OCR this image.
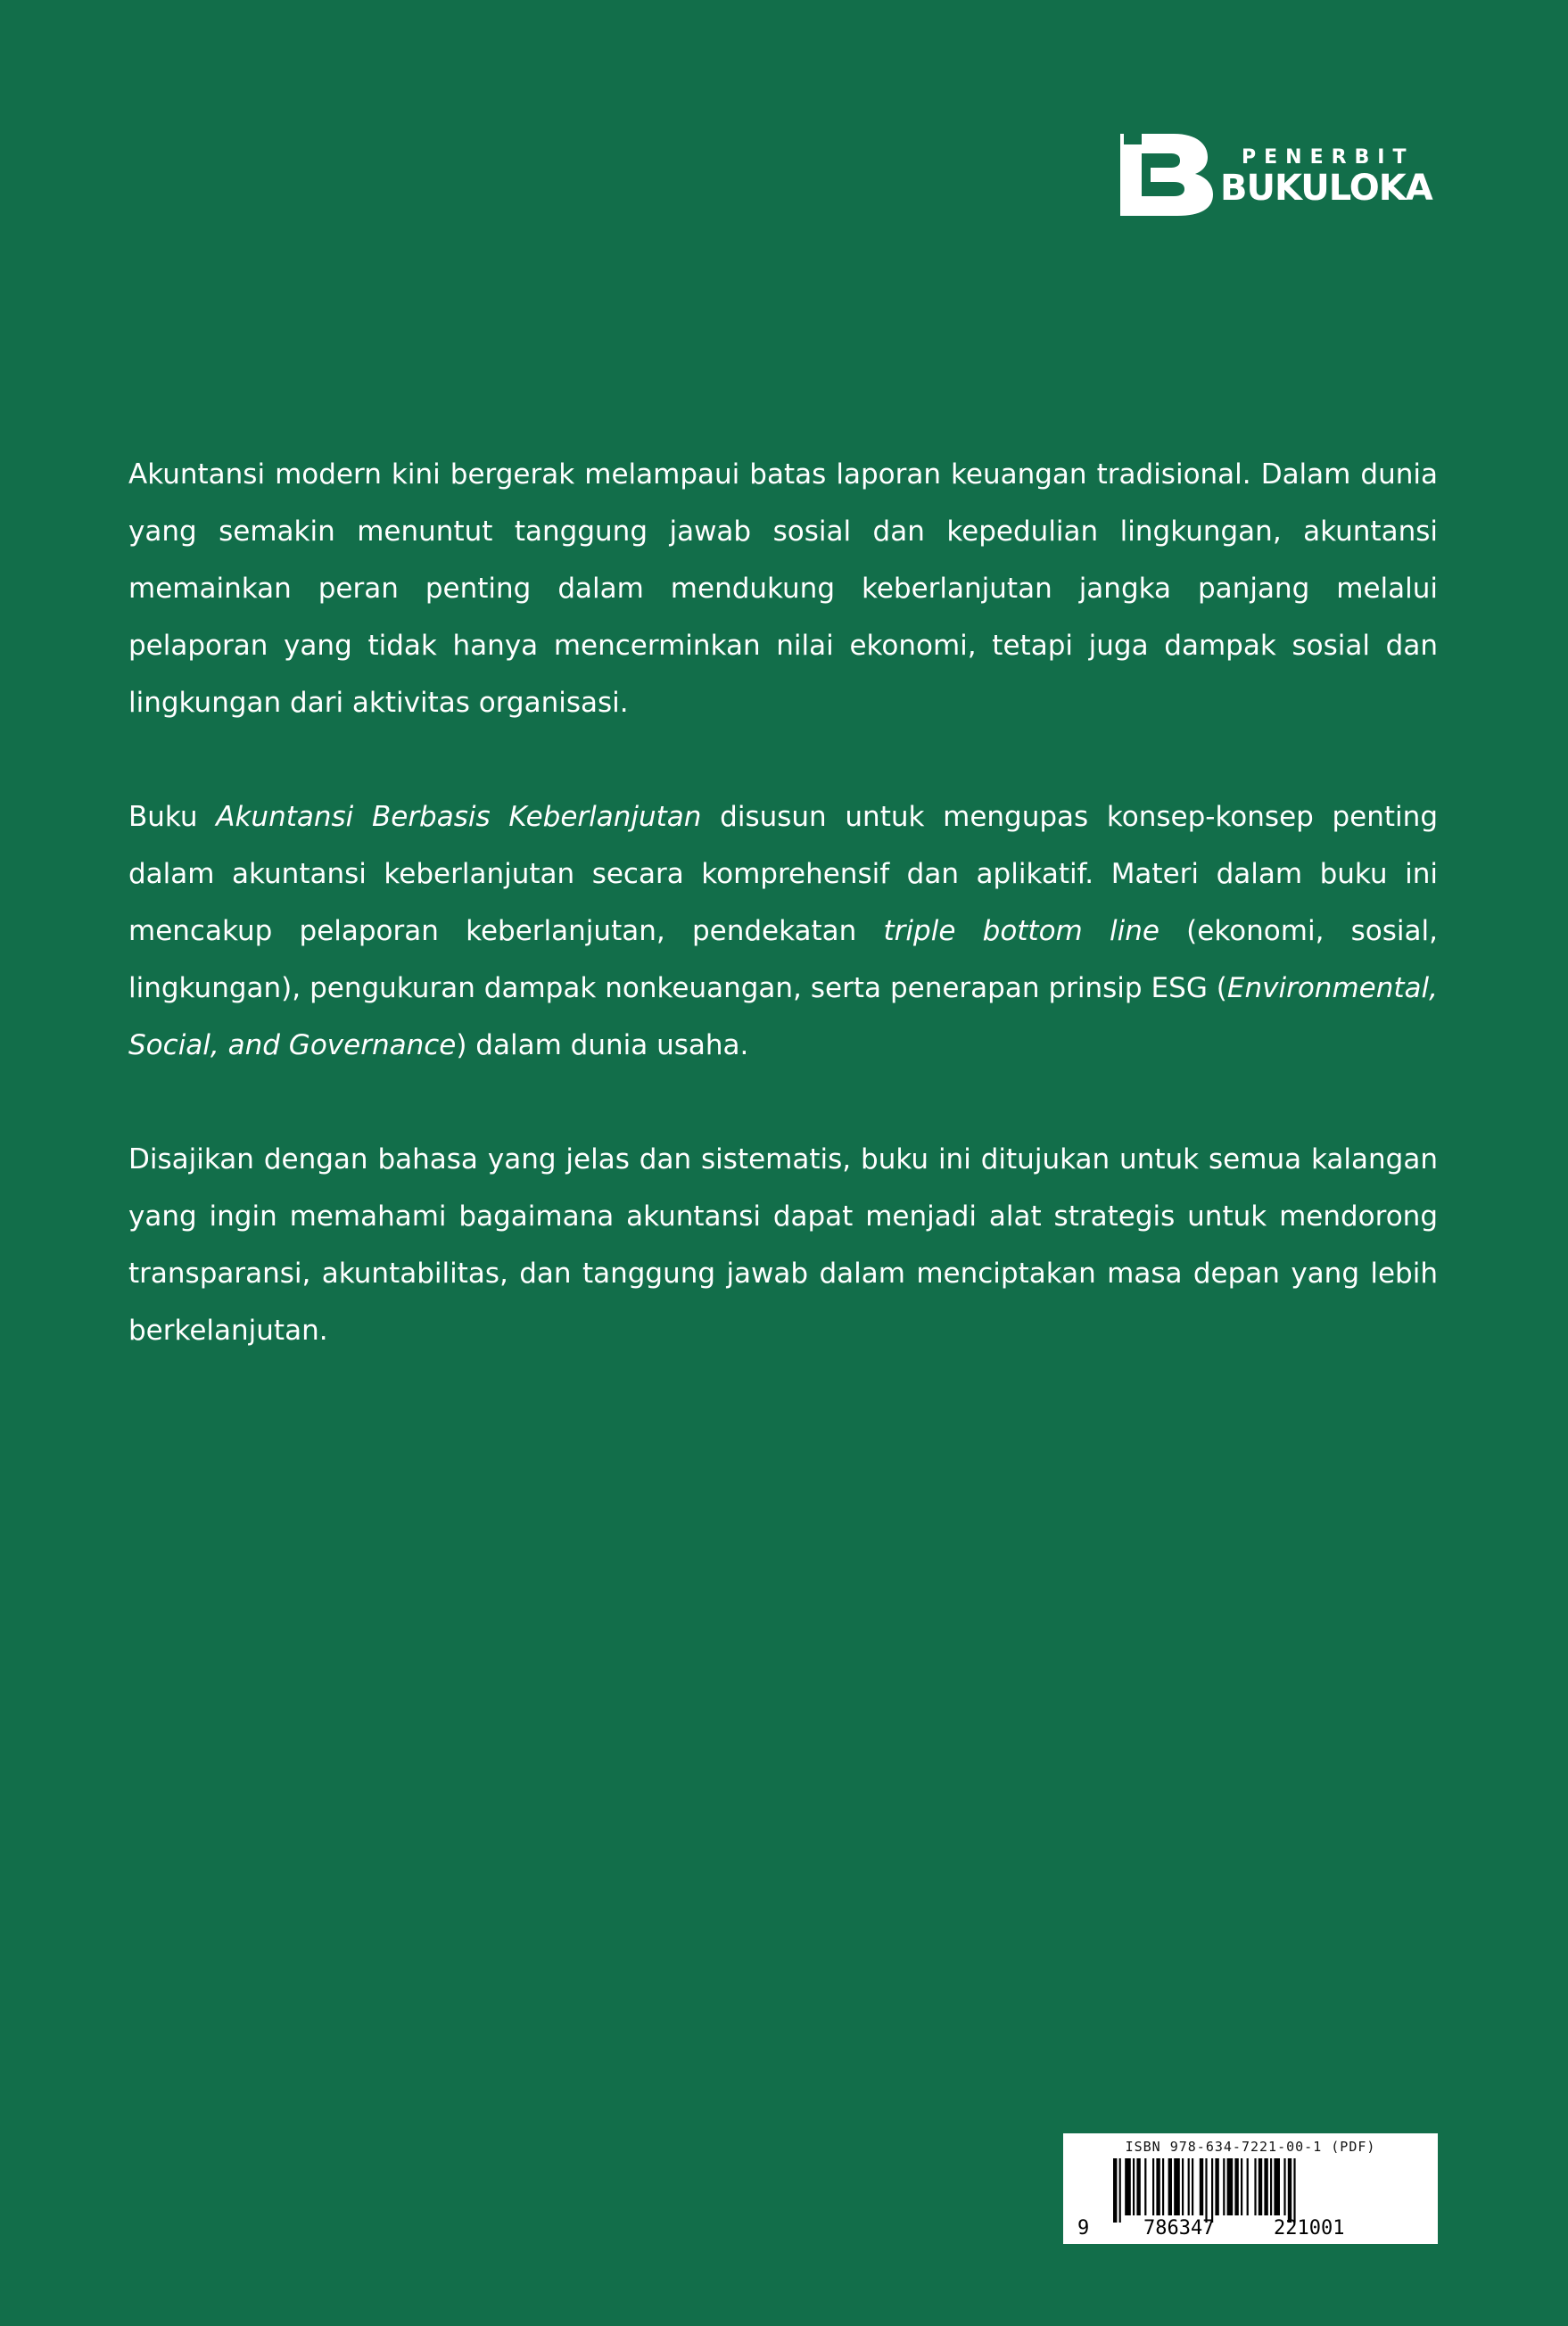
PENERBIT
BUKULOKA

Akuntansi modern kini bergerak melampaui batas laporan keuangan tradisional. Dalam dunia yang semakin menuntut tanggung jawab sosial dan kepedulian lingkungan, akuntansi memainkan peran penting dalam mendukung keberlanjutan jangka panjang melalui pelaporan yang tidak hanya mencerminkan nilai ekonomi, tetapi juga dampak sosial dan lingkungan dari aktivitas organisasi.

Buku Akuntansi Berbasis Keberlanjutan disusun untuk mengupas konsep-konsep penting dalam akuntansi keberlanjutan secara komprehensif dan aplikatif. Materi dalam buku ini mencakup pelaporan keberlanjutan, pendekatan triple bottom line (ekonomi, sosial, lingkungan), pengukuran dampak nonkeuangan, serta penerapan prinsip ESG (Environmental, Social, and Governance) dalam dunia usaha.

Disajikan dengan bahasa yang jelas dan sistematis, buku ini ditujukan untuk semua kalangan yang ingin memahami bagaimana akuntansi dapat menjadi alat strategis untuk mendorong transparansi, akuntabilitas, dan tanggung jawab dalam menciptakan masa depan yang lebih berkelanjutan.

ISBN 978-634-7221-00-1 (PDF)
9	786347	221001
